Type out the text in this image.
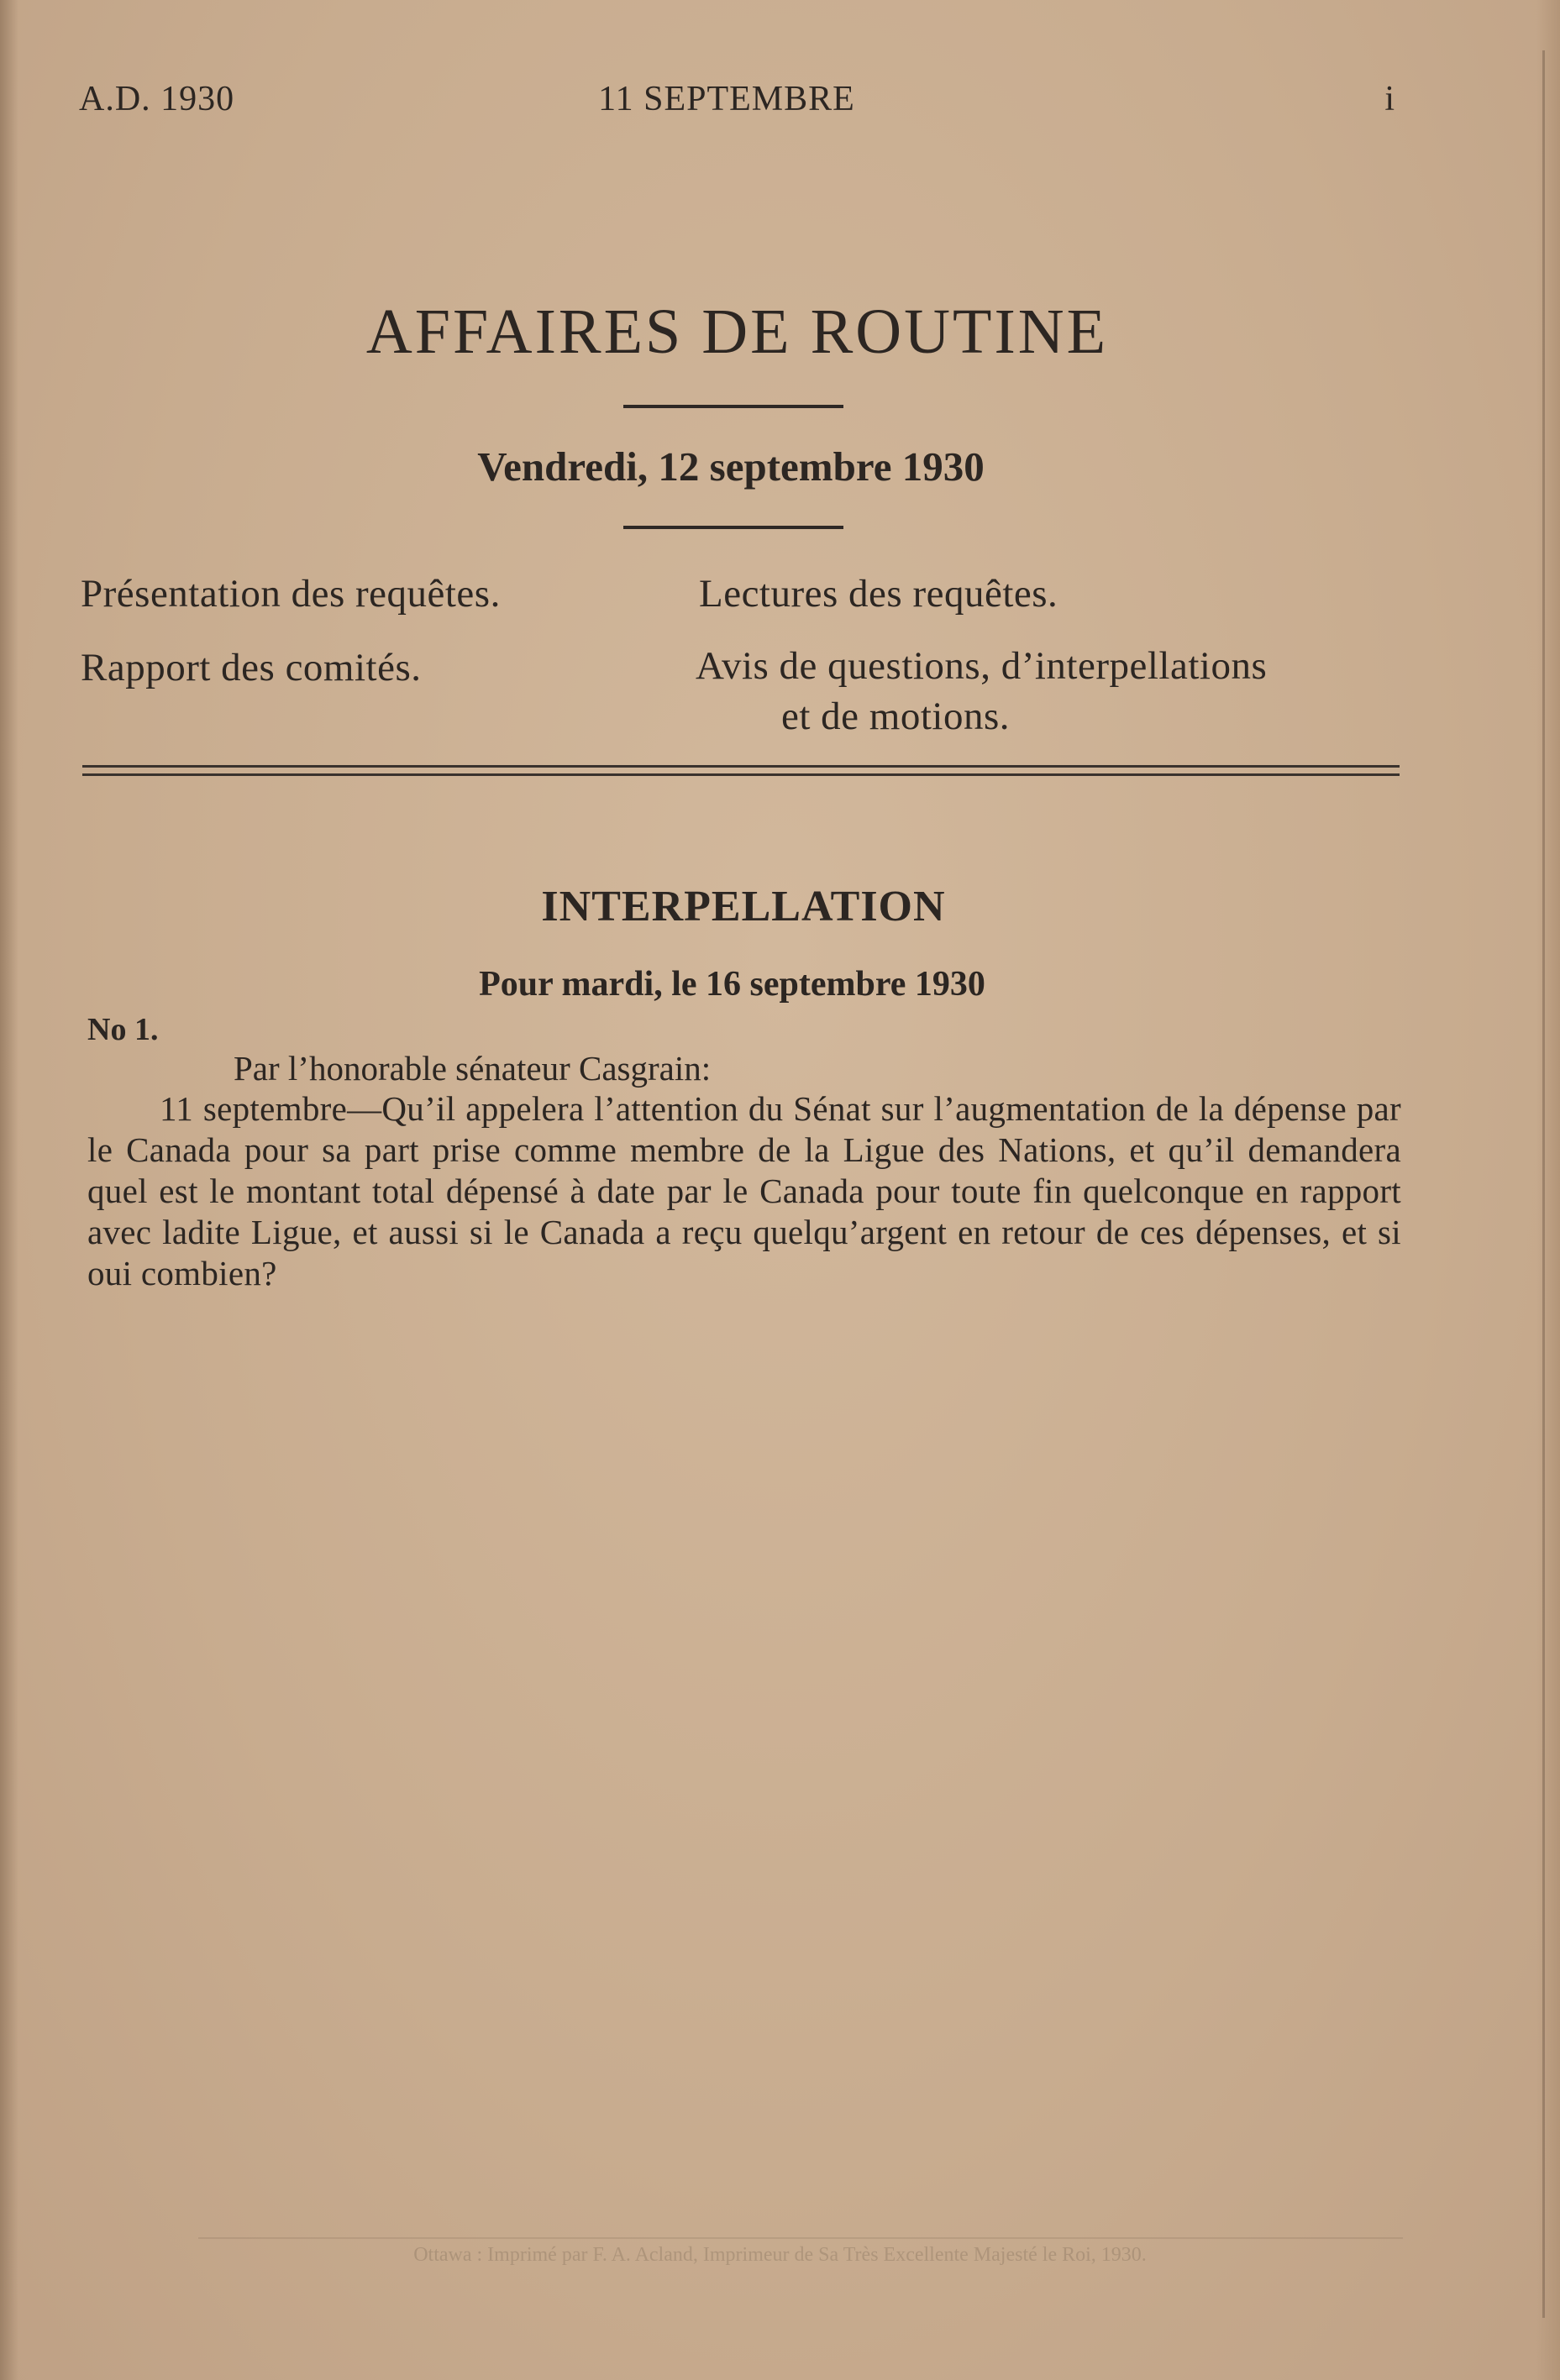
A.D. 1930	11 SEPTEMBRE	i
AFFAIRES DE ROUTINE
Vendredi, 12 septembre 1930
Présentation des requêtes.	Lectures des requêtes.
Rapport des comités.	Avis de questions, d’interpellations
et de motions.
INTERPELLATION
Pour mardi, le 16 septembre 1930
No 1.
Par l’honorable sénateur Casgrain:
11 septembre—Qu’il appelera l’attention du Sénat sur l’augmentation de la dépense par le Canada pour sa part prise comme membre de la Ligue des Nations, et qu’il demandera quel est le montant total dépensé à date par le Canada pour toute fin quelconque en rapport avec ladite Ligue, et aussi si le Canada a reçu quelqu’argent en retour de ces dépenses, et si oui combien?
Ottawa : Imprimé par F. A. Acland, Imprimeur de Sa Très Excellente Majesté le Roi, 1930.
